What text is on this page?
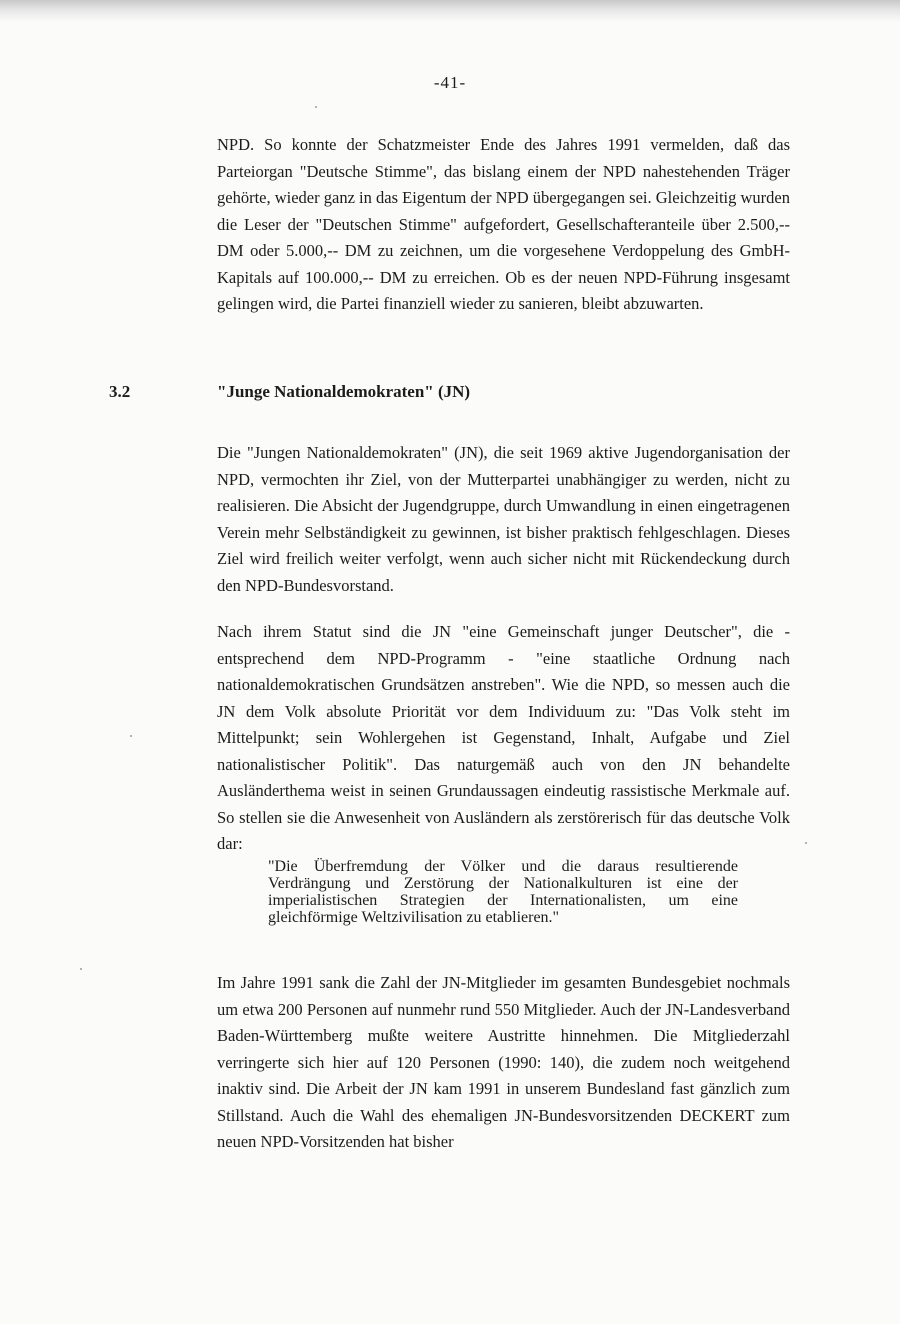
-41-
NPD. So konnte der Schatzmeister Ende des Jahres 1991 vermelden, daß das Parteiorgan "Deutsche Stimme", das bislang einem der NPD nahestehenden Träger gehörte, wieder ganz in das Eigentum der NPD übergegangen sei. Gleichzeitig wurden die Leser der "Deutschen Stimme" aufgefordert, Gesellschafteranteile über 2.500,-- DM oder 5.000,-- DM zu zeichnen, um die vorgesehene Verdoppelung des GmbH-Kapitals auf 100.000,-- DM zu erreichen. Ob es der neuen NPD-Führung insgesamt gelingen wird, die Partei finanziell wieder zu sanieren, bleibt abzuwarten.
3.2	"Junge Nationaldemokraten" (JN)
Die "Jungen Nationaldemokraten" (JN), die seit 1969 aktive Jugendorganisation der NPD, vermochten ihr Ziel, von der Mutterpartei unabhängiger zu werden, nicht zu realisieren. Die Absicht der Jugendgruppe, durch Umwandlung in einen eingetragenen Verein mehr Selbständigkeit zu gewinnen, ist bisher praktisch fehlgeschlagen. Dieses Ziel wird freilich weiter verfolgt, wenn auch sicher nicht mit Rückendeckung durch den NPD-Bundesvorstand.
Nach ihrem Statut sind die JN "eine Gemeinschaft junger Deutscher", die - entsprechend dem NPD-Programm - "eine staatliche Ordnung nach nationaldemokratischen Grundsätzen anstreben". Wie die NPD, so messen auch die JN dem Volk absolute Priorität vor dem Individuum zu: "Das Volk steht im Mittelpunkt; sein Wohlergehen ist Gegenstand, Inhalt, Aufgabe und Ziel nationalistischer Politik". Das naturgemäß auch von den JN behandelte Ausländerthema weist in seinen Grundaussagen eindeutig rassistische Merkmale auf. So stellen sie die Anwesenheit von Ausländern als zerstörerisch für das deutsche Volk dar:
"Die Überfremdung der Völker und die daraus resultierende Verdrängung und Zerstörung der Nationalkulturen ist eine der imperialistischen Strategien der Internationalisten, um eine gleichförmige Weltzivilisation zu etablieren."
Im Jahre 1991 sank die Zahl der JN-Mitglieder im gesamten Bundesgebiet nochmals um etwa 200 Personen auf nunmehr rund 550 Mitglieder. Auch der JN-Landesverband Baden-Württemberg mußte weitere Austritte hinnehmen. Die Mitgliederzahl verringerte sich hier auf 120 Personen (1990: 140), die zudem noch weitgehend inaktiv sind. Die Arbeit der JN kam 1991 in unserem Bundesland fast gänzlich zum Stillstand. Auch die Wahl des ehemaligen JN-Bundesvorsitzenden DECKERT zum neuen NPD-Vorsitzenden hat bisher
